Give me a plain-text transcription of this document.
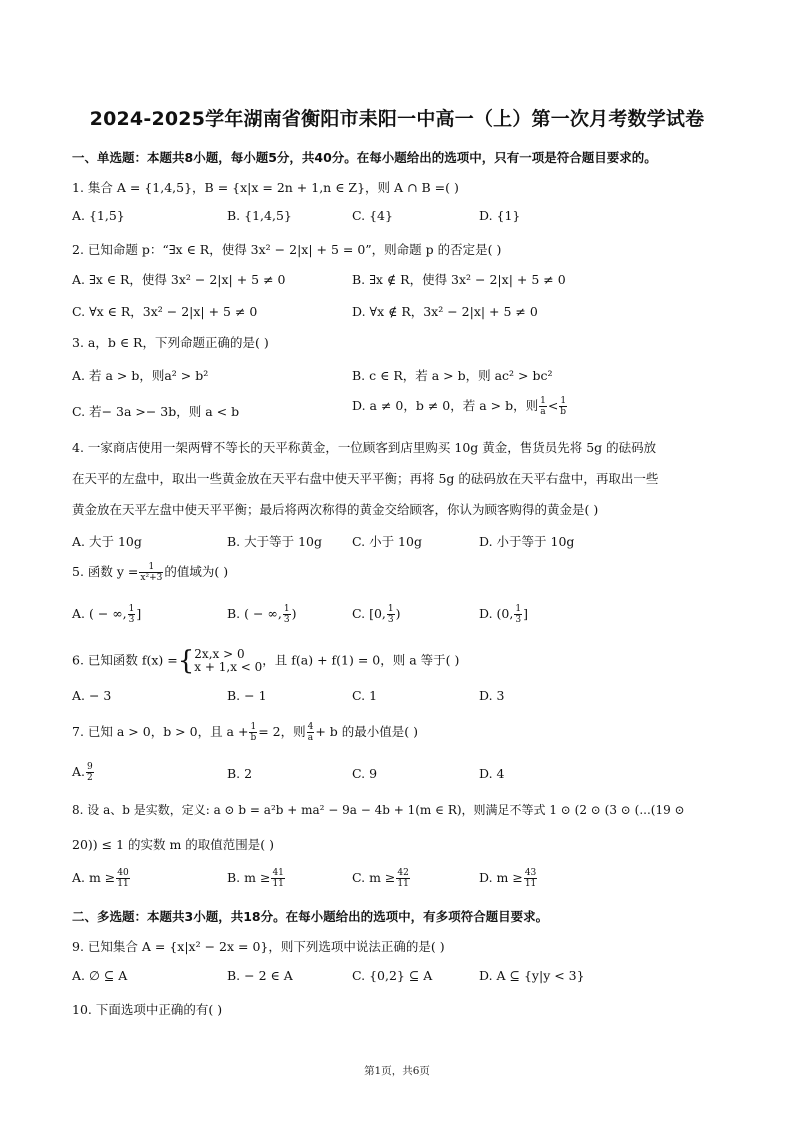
2024-2025学年湖南省衡阳市耒阳一中高一（上）第一次月考数学试卷
一、单选题：本题共8小题，每小题5分，共40分。在每小题给出的选项中，只有一项是符合题目要求的。
1. 集合 A = {1,4,5}，B = {x|x = 2n + 1,n ∈ Z}，则 A ∩ B =( )
A. {1,5}	B. {1,4,5}	C. {4}	D. {1}
2. 已知命题 p：“∃x ∈ R，使得 3x² − 2|x| + 5 = 0”，则命题 p 的否定是( )
A. ∃x ∈ R，使得 3x² − 2|x| + 5 ≠ 0	B. ∃x ∉ R，使得 3x² − 2|x| + 5 ≠ 0
C. ∀x ∈ R，3x² − 2|x| + 5 ≠ 0	D. ∀x ∉ R，3x² − 2|x| + 5 ≠ 0
3. a，b ∈ R，下列命题正确的是( )
A. 若 a > b，则a² > b²	B. c ∈ R，若 a > b，则 ac² > bc²
C. 若− 3a >− 3b，则 a < b	D. a ≠ 0，b ≠ 0，若 a > b，则 $\frac{1}{a} < \frac{1}{b}$
4. 一家商店使用一架两臂不等长的天平称黄金，一位顾客到店里购买 10g 黄金，售货员先将 5g 的砝码放
在天平的左盘中，取出一些黄金放在天平右盘中使天平平衡；再将 5g 的砝码放在天平右盘中，再取出一些
黄金放在天平左盘中使天平平衡；最后将两次称得的黄金交给顾客，你认为顾客购得的黄金是( )
A. 大于 10g	B. 大于等于 10g C. 小于 10g	D. 小于等于 10g
5. 函数 $y = \frac{1}{\text{x²+3}}$ 的值域为( )
A. ( − ∞, $\frac{1}{3}$ ]	B. ( − ∞, $\frac{1}{3}$ )	C. [0, $\frac{1}{3}$ )	D. (0, $\frac{1}{3}$ ]
6. 已知函数 f(x) ={ 2x,x > 0
x + 1,x < 0 ，且 f(a) + f(1) = 0，则 a 等于( )
A. − 3	B. − 1	C. 1	D. 3
7. 已知 a > 0，b > 0，且 $a + \frac{1}{b} = 2$，则 $\frac{4}{a} + b$ 的最小值是( )
A. $\frac{9}{2}$	B. 2	C. 9	D. 4
8. 设 a、b 是实数，定义: a ⊙ b = a²b + ma² − 9a − 4b + 1(m ∈ R)，则满足不等式 1 ⊙ (2 ⊙ (3 ⊙ (...(19 ⊙
20)) ≤ 1 的实数 m 的取值范围是( )
A. $m \ge \frac{40}{11}$	B. $m \ge \frac{41}{11}$	C. $m \ge \frac{42}{11}$	D. $m \ge \frac{43}{11}$
二、多选题：本题共3小题，共18分。在每小题给出的选项中，有多项符合题目要求。
9. 已知集合 A = {x|x² − 2x = 0}，则下列选项中说法正确的是( )
A. ∅ ⊆ A	B. − 2 ∈ A	C. {0,2} ⊆ A	D. A ⊆ {y|y < 3}
10. 下面选项中正确的有( )
第1页，共6页
